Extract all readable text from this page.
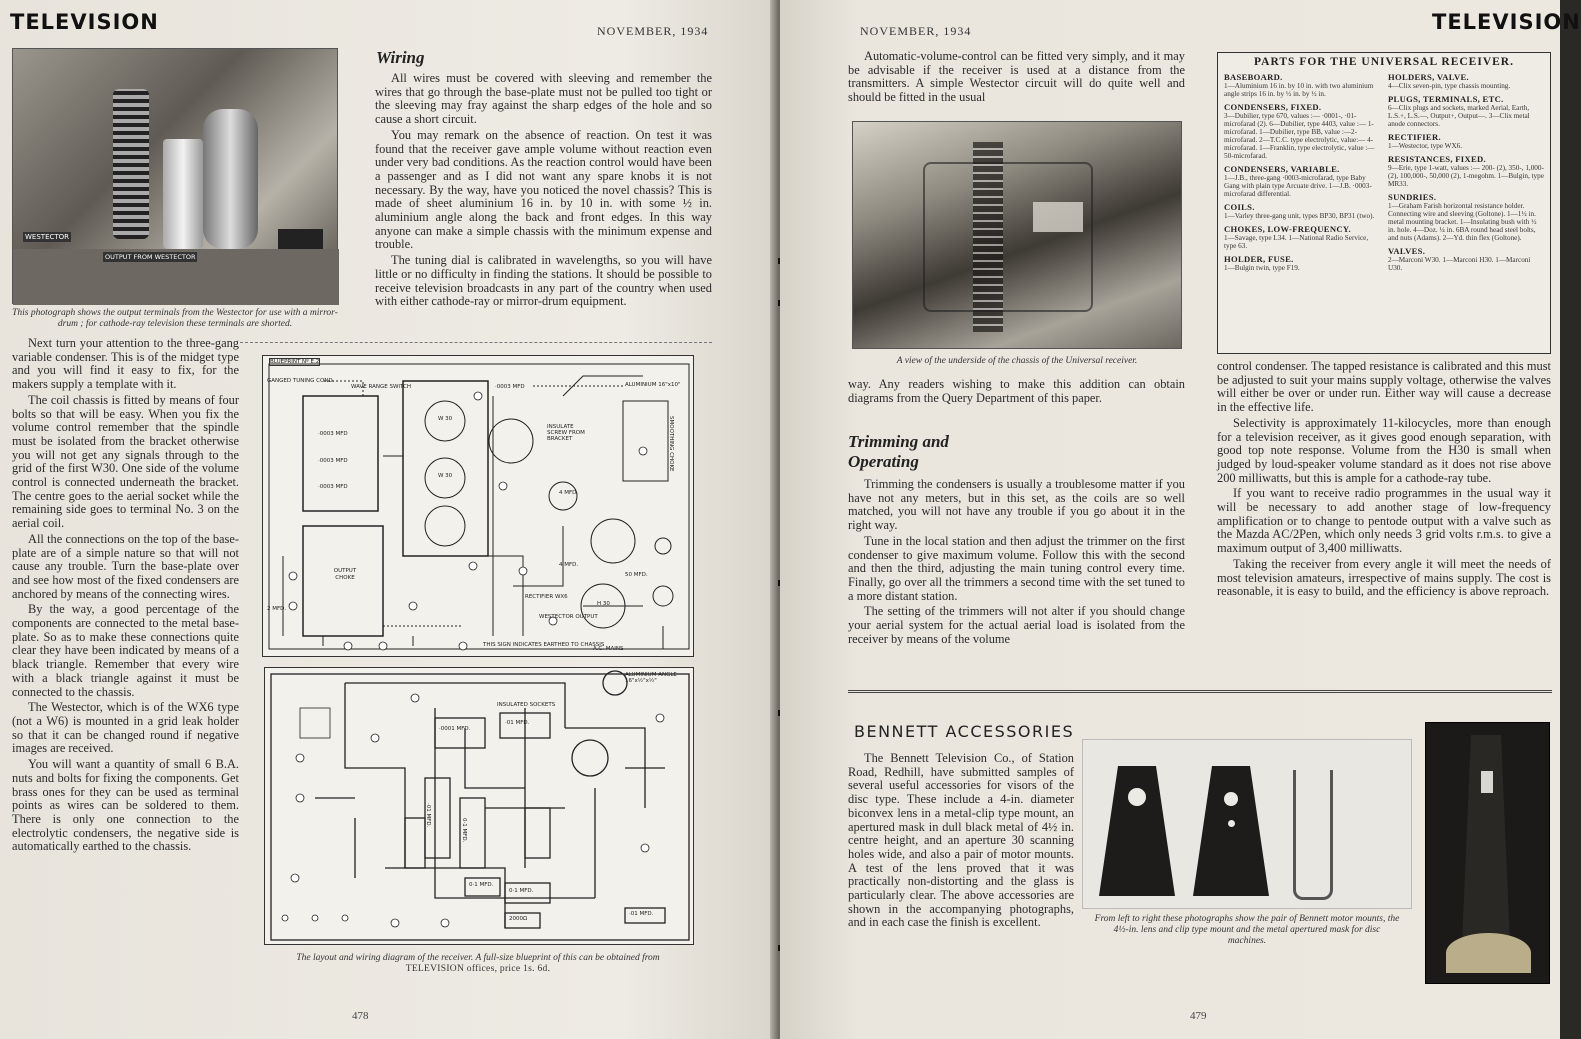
TELEVISION	NOVEMBER, 1934
WESTECTOR
OUTPUT FROM WESTECTOR
This photograph shows the output terminals from the Westector for use with a mirror-drum ; for cathode-ray television these terminals are shorted.
Wiring

All wires must be covered with sleeving and remember the wires that go through the base-plate must not be pulled too tight or the sleeving may fray against the sharp edges of the hole and so cause a short circuit.

You may remark on the absence of reaction. On test it was found that the receiver gave ample volume without reaction even under very bad conditions. As the reaction control would have been a passenger and as I did not want any spare knobs it is not necessary. By the way, have you noticed the novel chassis? This is made of sheet aluminium 16 in. by 10 in. with some ½ in. aluminium angle along the back and front edges. In this way anyone can make a simple chassis with the minimum expense and trouble.

The tuning dial is calibrated in wavelengths, so you will have little or no difficulty in finding the stations. It should be possible to receive television broadcasts in any part of the country when used with either cathode-ray or mirror-drum equipment.

Next turn your attention to the three-gang variable condenser. This is of the midget type and you will find it easy to fix, for the makers supply a template with it.

The coil chassis is fitted by means of four bolts so that will be easy. When you fix the volume control remember that the spindle must be isolated from the bracket otherwise you will not get any signals through to the grid of the first W30. One side of the volume control is connected underneath the bracket. The centre goes to the aerial socket while the remaining side goes to terminal No. 3 on the aerial coil.

All the connections on the top of the base-plate are of a simple nature so that will not cause any trouble. Turn the base-plate over and see how most of the fixed condensers are anchored by means of the connecting wires.

By the way, a good percentage of the components are connected to the metal base-plate. So as to make these connections quite clear they have been indicated by means of a black triangle. Remember that every wire with a black triangle against it must be connected to the chassis.

The Westector, which is of the WX6 type (not a W6) is mounted in a grid leak holder so that it can be changed round if negative images are received.

You will want a quantity of small 6 B.A. nuts and bolts for fixing the components. Get brass ones for they can be used as terminal points as wires can be soldered to them. There is only one connection to the electrolytic condensers, the negative side is automatically earthed to the chassis.

BLUEPRINT Nº E.2
GANGED TUNING COND.
WAVE RANGE SWITCH	·0003 MFD	ALUMINIUM 16"x10"
·0003 MFD
·0003 MFD
·0003 MFD
INSULATE SCREW FROM BRACKET	SMOOTHING CHOKE
OUTPUT CHOKE
RECTIFIER WX6
WESTECTOR OUTPUT
4 MFD.
4 MFD.
50 MFD.
A.C. MAINS
THIS SIGN INDICATES EARTHED TO CHASSIS
W 30
W 30
H 30
2 MFD.
ALUMINIUM ANGLE 16"x½"x½"
INSULATED SOCKETS
·01 MFD.
·0001 MFD.
·01 MFD.
0·1 MFD.
0·1 MFD.
2000Ω
0·1 MFD.
·01 MFD.
The layout and wiring diagram of the receiver. A full-size blueprint of this can be obtained from
TELEVISION offices, price 1s. 6d.
478
NOVEMBER, 1934	TELEVISION

Automatic-volume-control can be fitted very simply, and it may be advisable if the receiver is used at a distance from the transmitters. A simple Westector circuit will do quite well and should be fitted in the usual

A view of the underside of the chassis of the Universal receiver.

way. Any readers wishing to make this addition can obtain diagrams from the Query Department of this paper.

Trimming and
Operating

Trimming the condensers is usually a troublesome matter if you have not any meters, but in this set, as the coils are so well matched, you will not have any trouble if you go about it in the right way.

Tune in the local station and then adjust the trimmer on the first condenser to give maximum volume. Follow this with the second and then the third, adjusting the main tuning control every time. Finally, go over all the trimmers a second time with the set tuned to a more distant station.

The setting of the trimmers will not alter if you should change your aerial system for the actual aerial load is isolated from the receiver by means of the volume

PARTS FOR THE UNIVERSAL RECEIVER.
BASEBOARD.
1—Aluminium 16 in. by 10 in. with two aluminium angle strips 16 in. by ½ in. by ½ in.
CONDENSERS, FIXED.
3—Dubilier, type 670, values :— ·0001-, ·01-microfarad (2). 6—Dubilier, type 4403, value :— 1-microfarad. 1—Dubilier, type BB, value :—2-microfarad. 2—T.C.C. type electrolytic, value:— 4-microfarad. 1—Franklin, type electrolytic, value :—50-microfarad.
CONDENSERS, VARIABLE.
1—J.B., three-gang ·0003-microfarad, type Baby Gang with plain type Arcuate drive. 1—J.B. ·0003-microfarad differential.
COILS.
1—Varley three-gang unit, types BP30, BP31 (two).
CHOKES, LOW-FREQUENCY.
1—Savage, type L34. 1—National Radio Service, type 63.
HOLDER, FUSE.
1—Bulgin twin, type F19.
HOLDERS, VALVE.
4—Clix seven-pin, type chassis mounting.
PLUGS, TERMINALS, ETC.
6—Clix plugs and sockets, marked Aerial, Earth, L.S.+, L.S.—, Output+, Output—. 3—Clix metal anode connectors.
RECTIFIER.
1—Westector, type WX6.
RESISTANCES, FIXED.
9—Erie, type 1-watt, values :— 200- (2), 350-, 1,000- (2), 100,000-, 50,000 (2), 1-megohm. 1—Bulgin, type MR33.
SUNDRIES.
1—Graham Farish horizontal resistance holder. Connecting wire and sleeving (Goltone). 1—1½ in. metal mounting bracket. 1—Insulating bush with ½ in. hole. 4—Doz. ¼ in. 6BA round head steel bolts, and nuts (Adams). 2—Yd. thin flex (Goltone).
VALVES.
2—Marconi W30. 1—Marconi H30. 1—Marconi U30.

control condenser. The tapped resistance is calibrated and this must be adjusted to suit your mains supply voltage, otherwise the valves will either be over or under run. Either way will cause a decrease in the effective life.

Selectivity is approximately 11-kilocycles, more than enough for a television receiver, as it gives good enough separation, with good top note response. Volume from the H30 is small when judged by loud-speaker volume standard as it does not rise above 200 milliwatts, but this is ample for a cathode-ray tube.

If you want to receive radio programmes in the usual way it will be necessary to add another stage of low-frequency amplification or to change to pentode output with a valve such as the Mazda AC/2Pen, which only needs 3 grid volts r.m.s. to give a maximum output of 3,400 milliwatts.

Taking the receiver from every angle it will meet the needs of most television amateurs, irrespective of mains supply. The cost is reasonable, it is easy to build, and the efficiency is above reproach.

BENNETT ACCESSORIES

The Bennett Television Co., of Station Road, Redhill, have submitted samples of several useful accessories for visors of the disc type. These include a 4-in. diameter biconvex lens in a metal-clip type mount, an apertured mask in dull black metal of 4½ in. centre height, and an aperture 30 scanning holes wide, and also a pair of motor mounts. A test of the lens proved that it was practically non-distorting and the glass is particularly clear. The above accessories are shown in the accompanying photographs, and in each case the finish is excellent.	From left to right these photographs show the pair of Bennett motor mounts, the 4½-in. lens and clip type mount and the metal apertured mask for disc machines.
479
